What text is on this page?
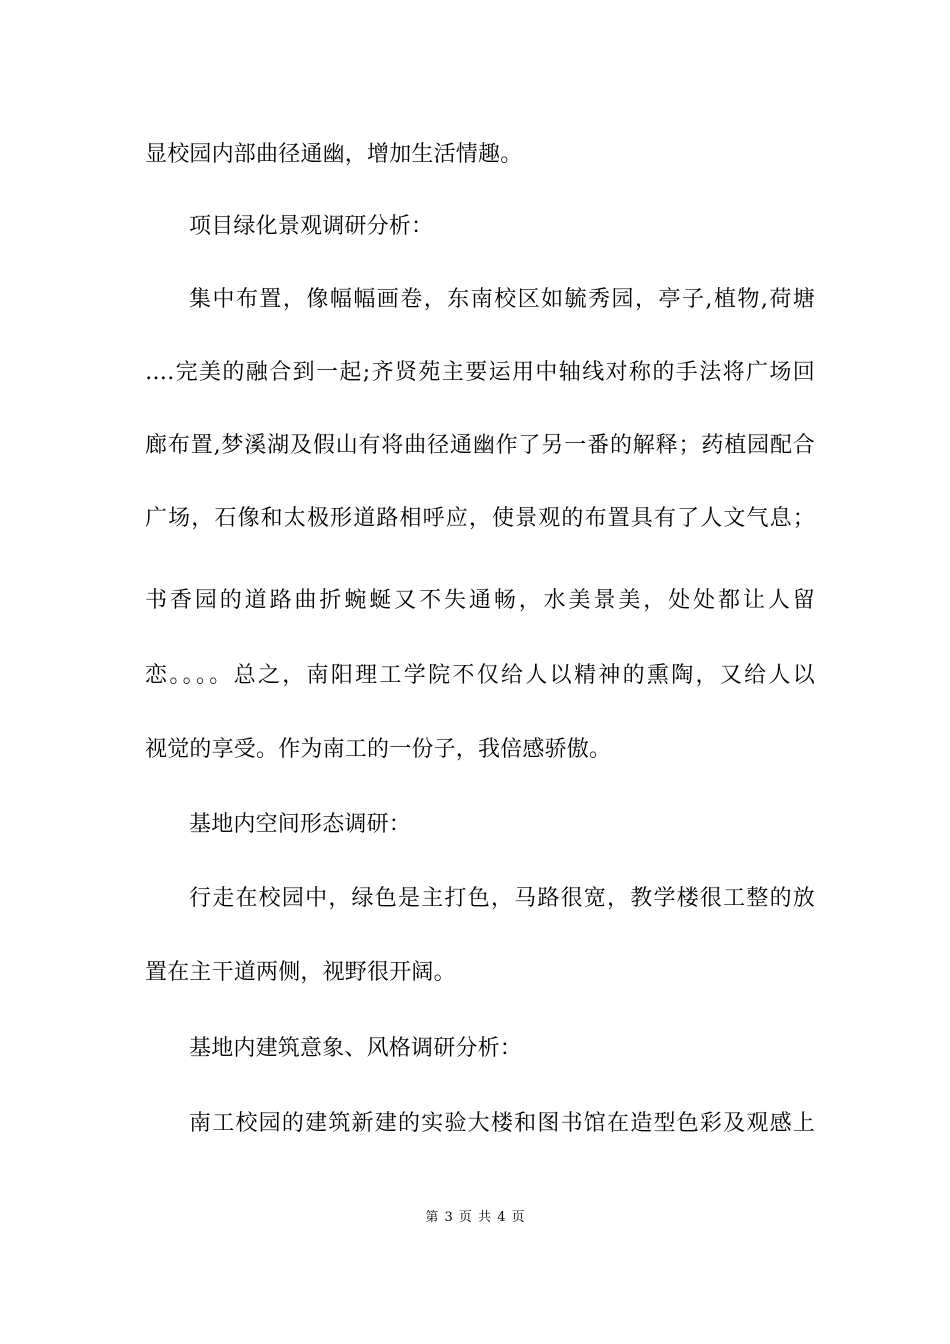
显校园内部曲径通幽，增加生活情趣。
项目绿化景观调研分析：
集中布置，像幅幅画卷，东南校区如毓秀园，亭子,植物,荷塘
….完美的融合到一起;齐贤苑主要运用中轴线对称的手法将广场回
廊布置,梦溪湖及假山有将曲径通幽作了另一番的解释；药植园配合
广场，石像和太极形道路相呼应，使景观的布置具有了人文气息；
书香园的道路曲折蜿蜒又不失通畅，水美景美，处处都让人留
恋。。。。总之，南阳理工学院不仅给人以精神的熏陶，又给人以
视觉的享受。作为南工的一份子，我倍感骄傲。
基地内空间形态调研：
行走在校园中，绿色是主打色，马路很宽，教学楼很工整的放
置在主干道两侧，视野很开阔。
基地内建筑意象、风格调研分析：
南工校园的建筑新建的实验大楼和图书馆在造型色彩及观感上
第 3 页 共 4 页
